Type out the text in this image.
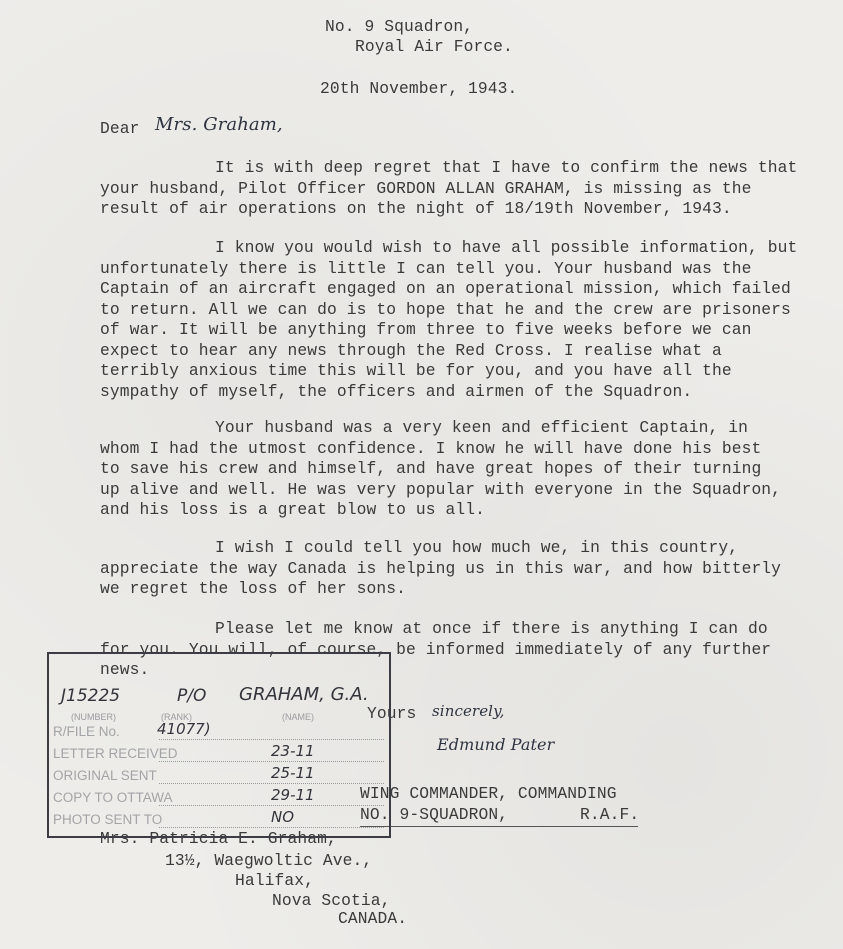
No. 9 Squadron,
Royal Air Force.
20th November, 1943.
Dear Mrs. Graham,
It is with deep regret that I have to confirm the news that
your husband, Pilot Officer GORDON ALLAN GRAHAM, is missing as the
result of air operations on the night of 18/19th November, 1943.
I know you would wish to have all possible information, but
unfortunately there is little I can tell you. Your husband was the
Captain of an aircraft engaged on an operational mission, which failed
to return. All we can do is to hope that he and the crew are prisoners
of war. It will be anything from three to five weeks before we can
expect to hear any news through the Red Cross. I realise what a
terribly anxious time this will be for you, and you have all the
sympathy of myself, the officers and airmen of the Squadron.
Your husband was a very keen and efficient Captain, in
whom I had the utmost confidence. I know he will have done his best
to save his crew and himself, and have great hopes of their turning
up alive and well. He was very popular with everyone in the Squadron,
and his loss is a great blow to us all.
I wish I could tell you how much we, in this country,
appreciate the way Canada is helping us in this war, and how bitterly
we regret the loss of her sons.
Please let me know at once if there is anything I can do
for you. You will, of course, be informed immediately of any further
news.
Yours sincerely,
Edmund Pater
WING COMMANDER, COMMANDING
NO. 9-SQUADRON,	R.A.F.
Mrs. Patricia E. Graham,
13½, Waegwoltic Ave.,
Halifax,
Nova Scotia,
CANADA.
J15225	P/O GRAHAM, G.A.
(NUMBER)	(RANK)	(NAME)
R/FILE No. 41077)
LETTER RECEIVED	23-11
ORIGINAL SENT	25-11
COPY TO OTTAWA	29-11
PHOTO SENT TO	NO
